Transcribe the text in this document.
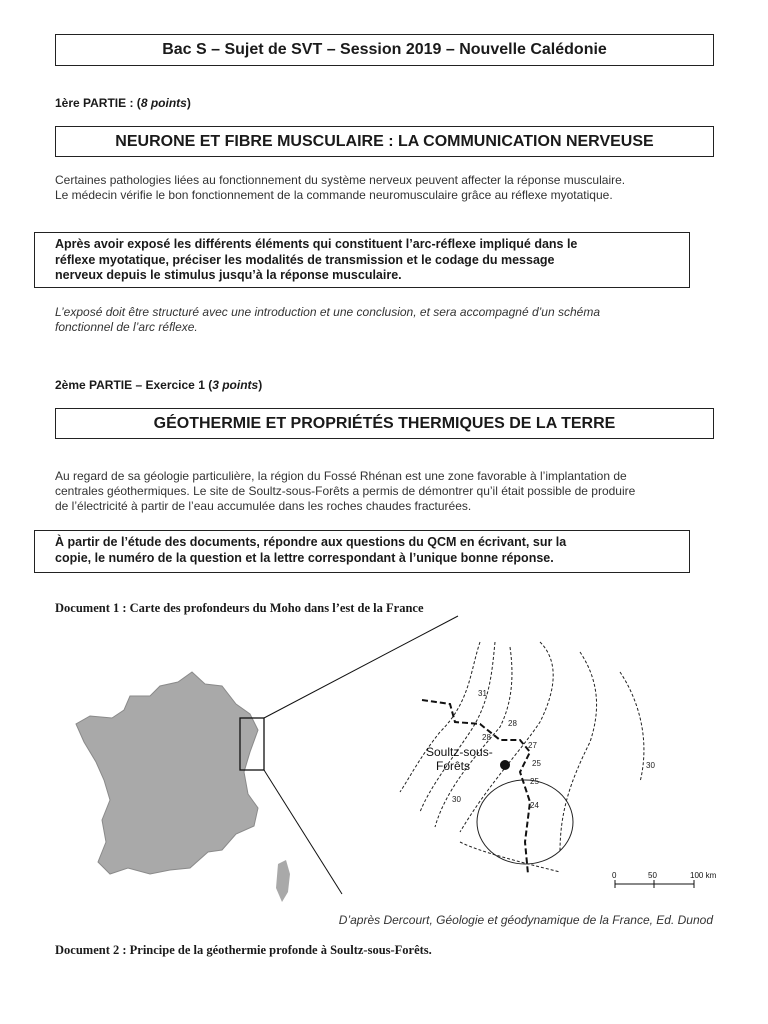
Bac S – Sujet de SVT – Session 2019 – Nouvelle Calédonie
1ère PARTIE : (8 points)
NEURONE ET FIBRE MUSCULAIRE : LA COMMUNICATION NERVEUSE
Certaines pathologies liées au fonctionnement du système nerveux peuvent affecter la réponse musculaire.
Le médecin vérifie le bon fonctionnement de la commande neuromusculaire grâce au réflexe myotatique.
Après avoir exposé les différents éléments qui constituent l’arc-réflexe impliqué dans le
réflexe myotatique, préciser les modalités de transmission et le codage du message
nerveux depuis le stimulus jusqu’à la réponse musculaire.
L’exposé doit être structuré avec une introduction et une conclusion, et sera accompagné d’un schéma
fonctionnel de l’arc réflexe.
2ème PARTIE – Exercice 1 (3 points)
GÉOTHERMIE ET PROPRIÉTÉS THERMIQUES DE LA TERRE
Au regard de sa géologie particulière, la région du Fossé Rhénan est une zone favorable à l’implantation de
centrales géothermiques. Le site de Soultz-sous-Forêts a permis de démontrer qu’il était possible de produire
de l’électricité à partir de l’eau accumulée dans les roches chaudes fracturées.
À partir de l’étude des documents, répondre aux questions du QCM en écrivant, sur la
copie, le numéro de la question et la lettre correspondant à l’unique bonne réponse.
Document 1 : Carte des profondeurs du Moho dans l’est de la France
Soultz-sous-
Forêts
31
28
28
27
25
25
24
30
30
0	50	100 km
D’après Dercourt, Géologie et géodynamique de la France, Ed. Dunod
Document 2 : Principe de la géothermie profonde à Soultz-sous-Forêts.
